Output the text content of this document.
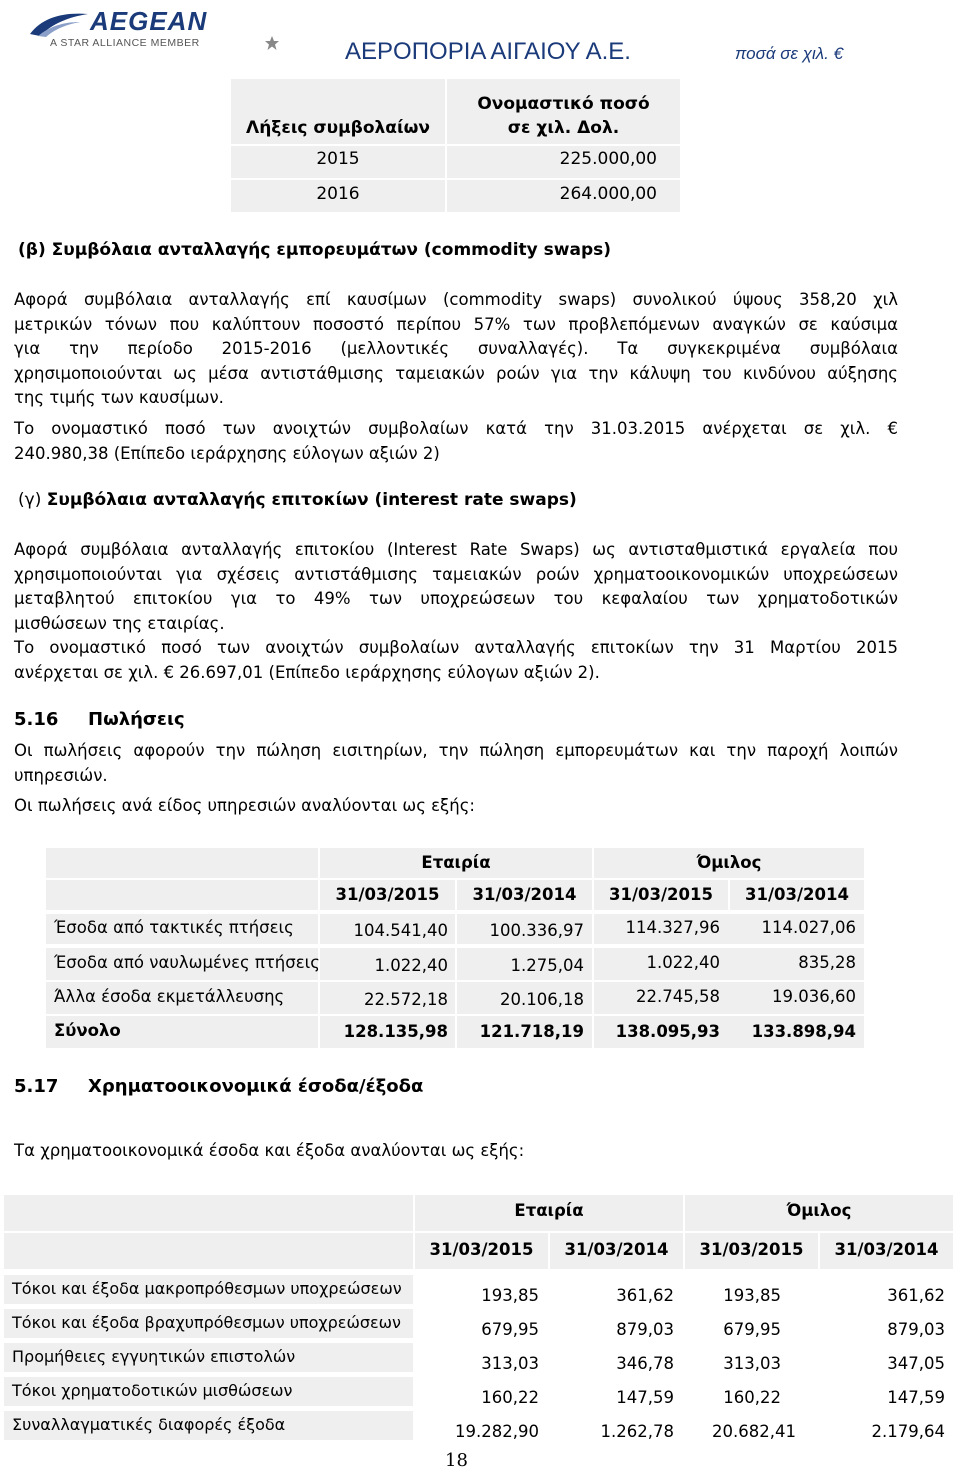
AEGEAN
A STAR ALLIANCE MEMBER	ΑΕΡΟΠΟΡΙΑ ΑΙΓΑΙΟΥ Α.Ε.	ποσά σε χιλ. €
Λήξεις συμβολαίων
Ονομαστικό ποσό
σε χιλ. Δολ.
2015	225.000,00
2016	264.000,00
(β) Συμβόλαια ανταλλαγής εμπορευμάτων (commodity swaps)
Αφορά συμβόλαια ανταλλαγής επί καυσίμων (commodity swaps) συνολικού ύψους 358,20 χιλ
μετρικών τόνων που καλύπτουν ποσοστό περίπου 57% των προβλεπόμενων αναγκών σε καύσιμα
για την περίοδο 2015-2016 (μελλοντικές συναλλαγές). Τα συγκεκριμένα συμβόλαια
χρησιμοποιούνται ως μέσα αντιστάθμισης ταμειακών ροών για την κάλυψη του κινδύνου αύξησης
της τιμής των καυσίμων.
Το ονομαστικό ποσό των ανοιχτών συμβολαίων κατά την 31.03.2015 ανέρχεται σε χιλ. €
240.980,38 (Επίπεδο ιεράρχησης εύλογων αξιών 2)
(γ) Συμβόλαια ανταλλαγής επιτοκίων (interest rate swaps)
Αφορά συμβόλαια ανταλλαγής επιτοκίου (Interest Rate Swaps) ως αντισταθμιστικά εργαλεία που
χρησιμοποιούνται για σχέσεις αντιστάθμισης ταμειακών ροών χρηματοοικονομικών υποχρεώσεων
μεταβλητού επιτοκίου για το 49% των υποχρεώσεων του κεφαλαίου των χρηματοδοτικών
μισθώσεων της εταιρίας.
Το ονομαστικό ποσό των ανοιχτών συμβολαίων ανταλλαγής επιτοκίων την 31 Μαρτίου 2015
ανέρχεται σε χιλ. € 26.697,01 (Επίπεδο ιεράρχησης εύλογων αξιών 2).
5.16 Πωλήσεις
Οι πωλήσεις αφορούν την πώληση εισιτηρίων, την πώληση εμπορευμάτων και την παροχή λοιπών
υπηρεσιών.
Οι πωλήσεις ανά είδος υπηρεσιών αναλύονται ως εξής:
Εταιρία	Όμιλος
31/03/2015	31/03/2014	31/03/2015	31/03/2014
Έσοδα από τακτικές πτήσεις	104.541,40	100.336,97	114.327,96	114.027,06
Έσοδα από ναυλωμένες πτήσεις	1.022,40	1.275,04	1.022,40	835,28
Άλλα έσοδα εκμετάλλευσης	22.572,18	20.106,18	22.745,58	19.036,60
Σύνολο	128.135,98	121.718,19	138.095,93	133.898,94
5.17 Χρηματοοικονομικά έσοδα/έξοδα
Τα χρηματοοικονομικά έσοδα και έξοδα αναλύονται ως εξής:
Εταιρία	Όμιλος
31/03/2015	31/03/2014	31/03/2015	31/03/2014
Τόκοι και έξοδα μακροπρόθεσμων υποχρεώσεων	193,85	361,62	193,85	361,62
Τόκοι και έξοδα βραχυπρόθεσμων υποχρεώσεων	679,95	879,03	679,95	879,03
Προμήθειες εγγυητικών επιστολών	313,03	346,78	313,03	347,05
Τόκοι χρηματοδοτικών μισθώσεων	160,22	147,59	160,22	147,59
Συναλλαγματικές διαφορές έξοδα	19.282,90	1.262,78	20.682,41	2.179,64
18
